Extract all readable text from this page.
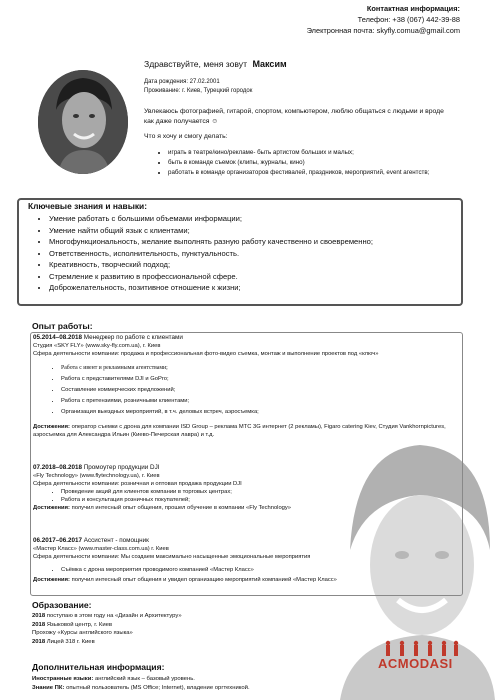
Контактная информация:
Телефон: +38 (067) 442-39-88
Электронная почта: skyfly.comua@gmail.com
Здравствуйте, меня зовут Максим
Дата рождения: 27.02.2001
Проживание: г. Киев, Турецкий городок
Увлекаюсь фотографией, гитарой, спортом, компьютером, люблю общаться с людьми и вроде как даже получается ☺
Что я хочу и смогу делать:
• играть в театре/кино/рекламе- быть артистом больших и малых;
• быть в команде съемок (клипы, журналы, кино)
• работать в команде организаторов фестивалей, праздников, мероприятий, event агентств;
Ключевые знания и навыки:
• Умение работать с большими объемами информации;
• Умение найти общий язык с клиентами;
• Многофункциональность, желание выполнять разную работу качественно и своевременно;
• Ответственность, исполнительность, пунктуальность.
• Креативность, творческий подход;
• Стремление к развитию в профессиональной сфере.
• Доброжелательность, позитивное отношение к жизни;
Опыт работы:
05.2014–08.2018 Менеджер по работе с клиентами
Студия «SKY FLY» (www.sky-fly.com.ua), г. Киев
Сфера деятельности компании: продажа и профессиональная фото-видео съемка, монтаж и выполнение проектов под «ключ»
• Работа с ивент и рекламными агентствами;
• Работа с представителями DJI и GoPro;
• Составление коммерческих предложений;
• Работа с претензиями, розничными клиентами;
• Организация выездных мероприятий, в т.ч. деловых встреч, аэросъемка;
Достижения: оператор съемки с дрона для компании ISD Group – реклама МТС 3G интернет (2 рекламы), Figaro catering Kiev, Студия Vankhornpictures, аэросъемка для Александра Ильин (Киево-Печерская лавра) и т.д.
07.2018–08.2018 Промоутер продукции DJI
«Fly Technology» (www.flytechnology.ua), г. Киев
Сфера деятельности компании: розничная и оптовая продажа продукции DJI
• Проведение акций для клиентов компании в торговых центрах;
• Работа и консультация розничных покупателей;
Достижения: получил интесный опыт общения, прошел обучение в компании «Fly Technology»
06.2017–06.2017 Ассистент - помощник
«Мастер Класс» (www.master-class.com.ua) г. Киев
Сфера деятельности компании: Мы создаем максимально насыщенные эмоциональные мероприятия
• Съёмка с дрона мероприятия проводимого компанией «Мастер Класс»
Достижения: получил интесный опыт общения и увидел организацию мероприятий компанией «Мастер Класс»
Образование:
2018 поступаю в этом году на «Дизайн и Архитектуру»
2018 Языковой центр, г. Киев
Прохожу «Курсы английского языка»
2018 Лицей 318 г. Киев
Дополнительная информация:
Иностранные языки: английский язык – базовый уровень.
Знание ПК: опытный пользователь (MS Office; Internet), владение оргтехникой.
ACMODASI
